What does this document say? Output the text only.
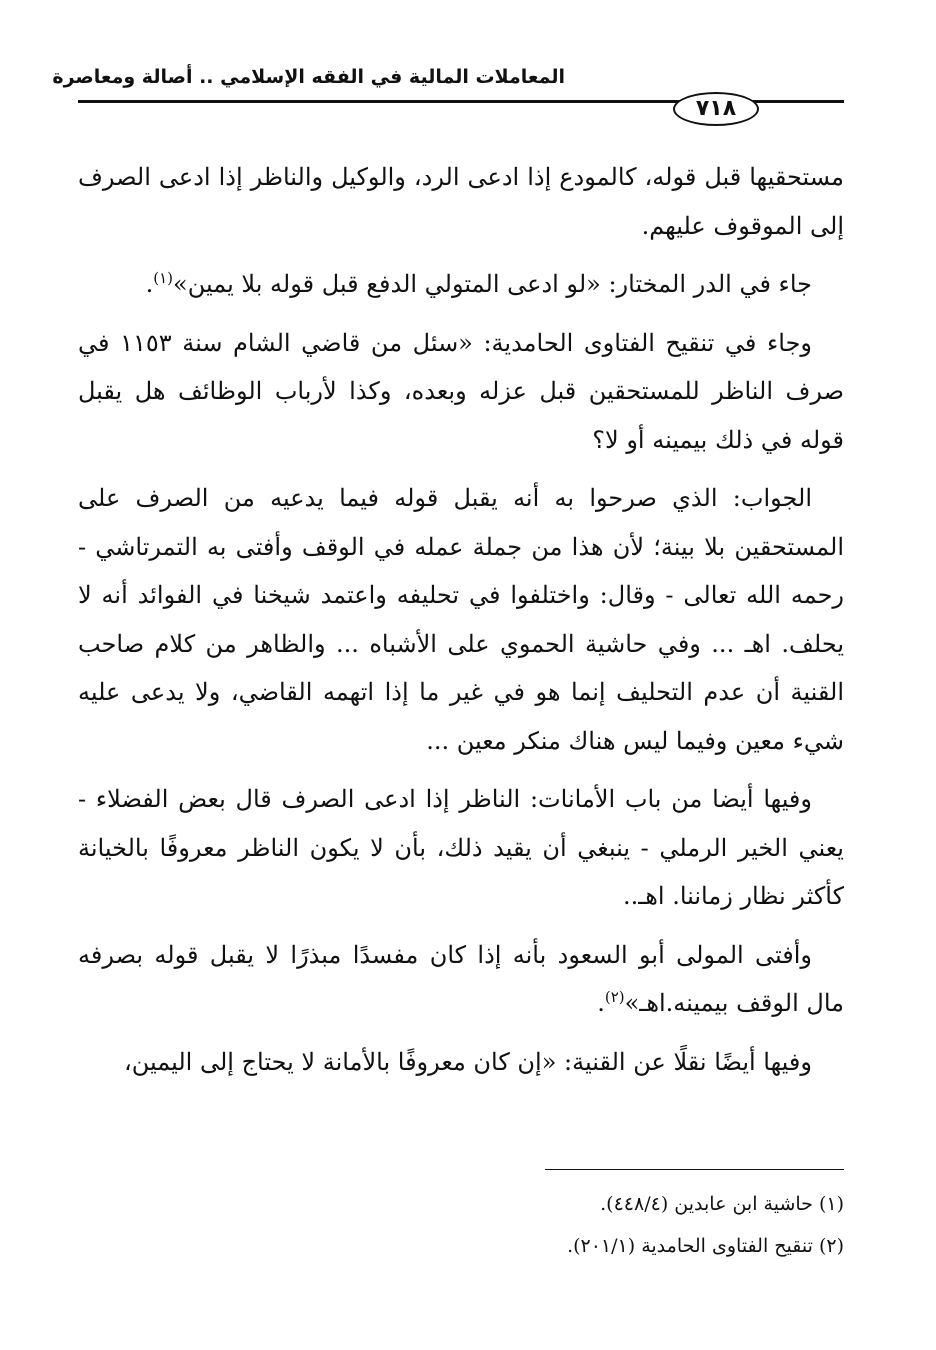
المعاملات المالية في الفقه الإسلامي .. أصالة ومعاصرة
٧١٨

مستحقيها قبل قوله، كالمودع إذا ادعى الرد، والوكيل والناظر إذا ادعى الصرف إلى الموقوف عليهم.

جاء في الدر المختار: «لو ادعى المتولي الدفع قبل قوله بلا يمين»$^{(١)}$.

وجاء في تنقيح الفتاوى الحامدية: «سئل من قاضي الشام سنة ١١٥٣ في صرف الناظر للمستحقين قبل عزله وبعده، وكذا لأرباب الوظائف هل يقبل قوله في ذلك بيمينه أو لا؟

الجواب: الذي صرحوا به أنه يقبل قوله فيما يدعيه من الصرف على المستحقين بلا بينة؛ لأن هذا من جملة عمله في الوقف وأفتى به التمرتاشي - رحمه الله تعالى - وقال: واختلفوا في تحليفه واعتمد شيخنا في الفوائد أنه لا يحلف. اهـ ... وفي حاشية الحموي على الأشباه ... والظاهر من كلام صاحب القنية أن عدم التحليف إنما هو في غير ما إذا اتهمه القاضي، ولا يدعى عليه شيء معين وفيما ليس هناك منكر معين ...

وفيها أيضا من باب الأمانات: الناظر إذا ادعى الصرف قال بعض الفضلاء - يعني الخير الرملي - ينبغي أن يقيد ذلك، بأن لا يكون الناظر معروفًا بالخيانة كأكثر نظار زماننا. اهـ..

وأفتى المولى أبو السعود بأنه إذا كان مفسدًا مبذرًا لا يقبل قوله بصرفه مال الوقف بيمينه.اهـ»$^{(٢)}$.

وفيها أيضًا نقلًا عن القنية: «إن كان معروفًا بالأمانة لا يحتاج إلى اليمين،

(١) حاشية ابن عابدين (٤٤٨/٤).

(٢) تنقيح الفتاوى الحامدية (٢٠١/١).
